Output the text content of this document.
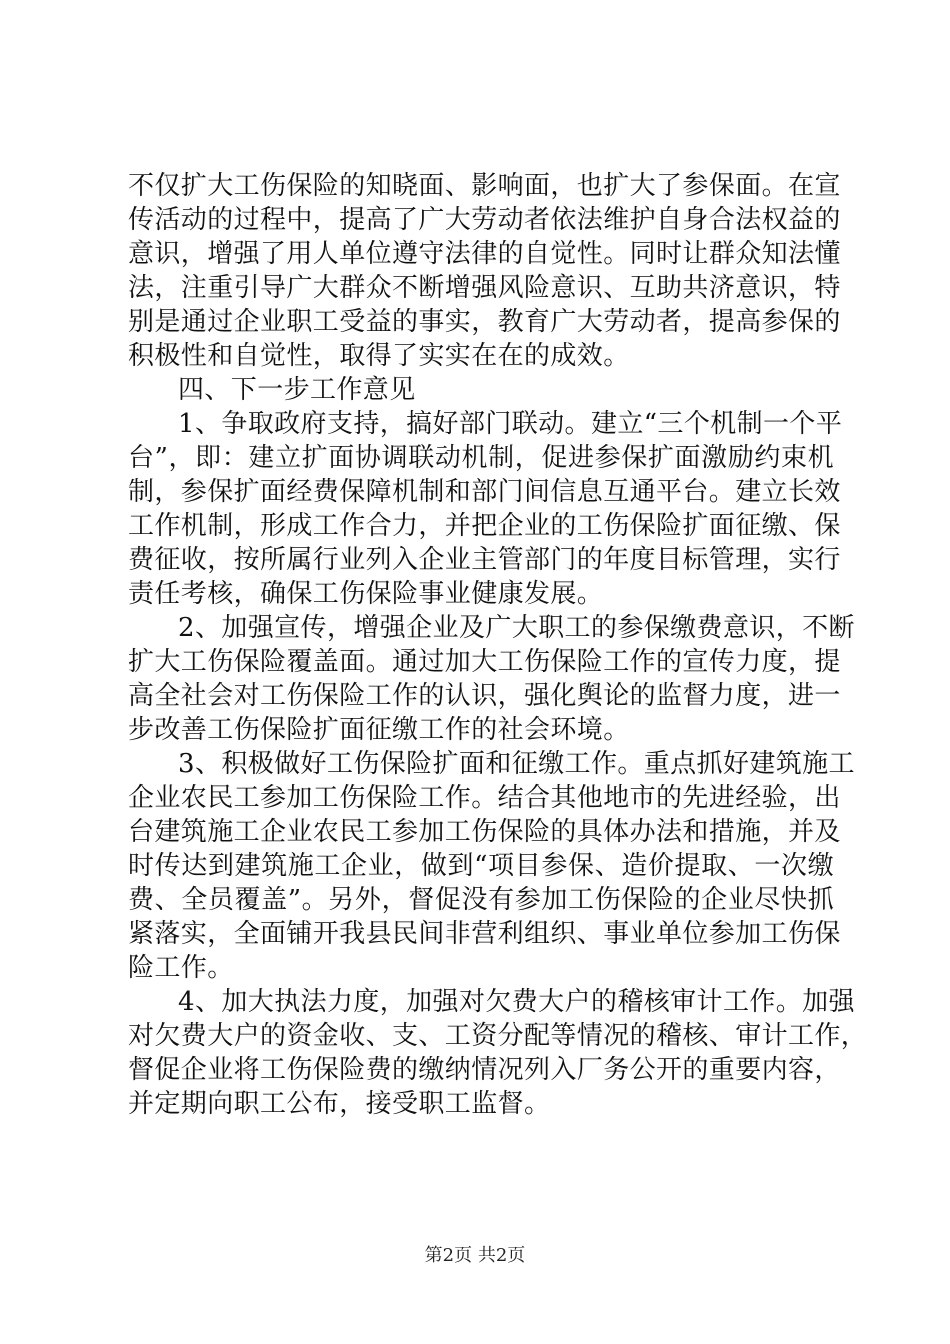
不仅扩大工伤保险的知晓面、影响面，也扩大了参保面。在宣
传活动的过程中，提高了广大劳动者依法维护自身合法权益的
意识，增强了用人单位遵守法律的自觉性。同时让群众知法懂
法，注重引导广大群众不断增强风险意识、互助共济意识，特
别是通过企业职工受益的事实，教育广大劳动者，提高参保的
积极性和自觉性，取得了实实在在的成效。
四、下一步工作意见
1、争取政府支持，搞好部门联动。建立“三个机制一个平
台”，即：建立扩面协调联动机制，促进参保扩面激励约束机
制，参保扩面经费保障机制和部门间信息互通平台。建立长效
工作机制，形成工作合力，并把企业的工伤保险扩面征缴、保
费征收，按所属行业列入企业主管部门的年度目标管理，实行
责任考核，确保工伤保险事业健康发展。
2、加强宣传，增强企业及广大职工的参保缴费意识，不断
扩大工伤保险覆盖面。通过加大工伤保险工作的宣传力度，提
高全社会对工伤保险工作的认识，强化舆论的监督力度，进一
步改善工伤保险扩面征缴工作的社会环境。
3、积极做好工伤保险扩面和征缴工作。重点抓好建筑施工
企业农民工参加工伤保险工作。结合其他地市的先进经验，出
台建筑施工企业农民工参加工伤保险的具体办法和措施，并及
时传达到建筑施工企业，做到“项目参保、造价提取、一次缴
费、全员覆盖”。另外，督促没有参加工伤保险的企业尽快抓
紧落实，全面铺开我县民间非营利组织、事业单位参加工伤保
险工作。
4、加大执法力度，加强对欠费大户的稽核审计工作。加强
对欠费大户的资金收、支、工资分配等情况的稽核、审计工作，
督促企业将工伤保险费的缴纳情况列入厂务公开的重要内容，
并定期向职工公布，接受职工监督。
第2页 共2页
